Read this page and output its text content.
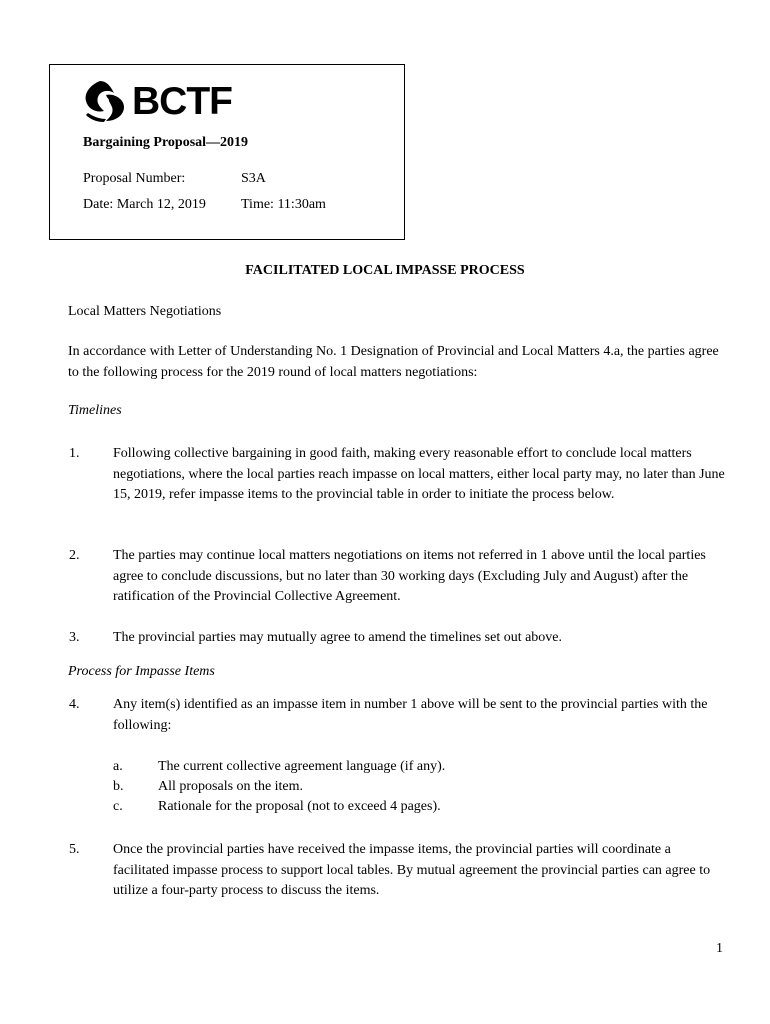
BCTF
Bargaining Proposal—2019
Proposal Number:	S3A
Date: March 12, 2019	Time: 11:30am
FACILITATED LOCAL IMPASSE PROCESS
Local Matters Negotiations
In accordance with Letter of Understanding No. 1 Designation of Provincial and Local Matters 4.a, the parties agree to the following process for the 2019 round of local matters negotiations:
Timelines
1. Following collective bargaining in good faith, making every reasonable effort to conclude local matters negotiations, where the local parties reach impasse on local matters, either local party may, no later than June 15, 2019, refer impasse items to the provincial table in order to initiate the process below.
2. The parties may continue local matters negotiations on items not referred in 1 above until the local parties agree to conclude discussions, but no later than 30 working days (Excluding July and August) after the ratification of the Provincial Collective Agreement.
3. The provincial parties may mutually agree to amend the timelines set out above.
Process for Impasse Items
4. Any item(s) identified as an impasse item in number 1 above will be sent to the provincial parties with the following:
a.	The current collective agreement language (if any).
b. All proposals on the item.
c.	Rationale for the proposal (not to exceed 4 pages).
5. Once the provincial parties have received the impasse items, the provincial parties will coordinate a facilitated impasse process to support local tables. By mutual agreement the provincial parties can agree to utilize a four-party process to discuss the items.
1
